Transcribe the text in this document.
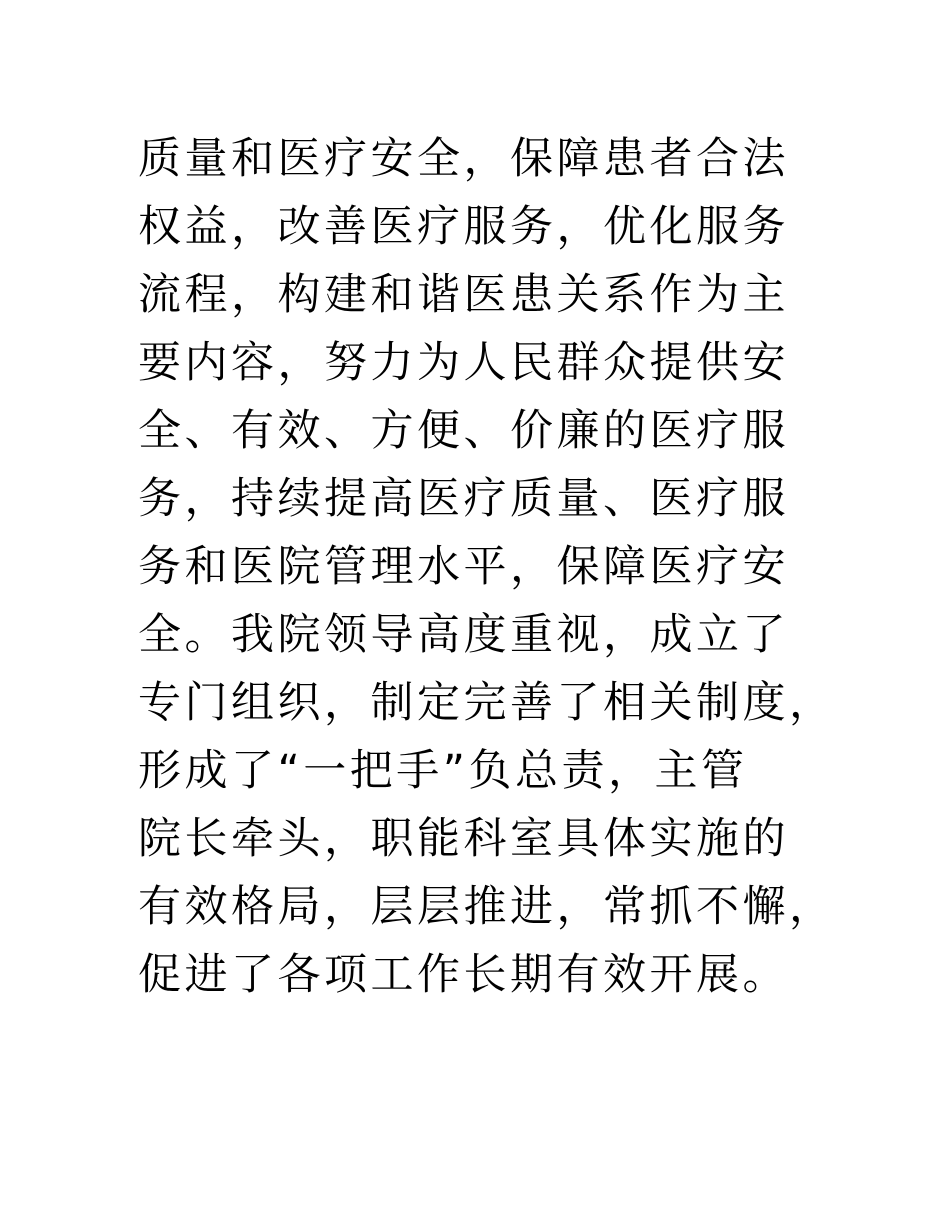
质量和医疗安全，保障患者合法
权益，改善医疗服务，优化服务
流程，构建和谐医患关系作为主
要内容，努力为人民群众提供安
全、有效、方便、价廉的医疗服
务，持续提高医疗质量、医疗服
务和医院管理水平，保障医疗安
全。我院领导高度重视，成立了
专门组织，制定完善了相关制度，
形成了“一把手”负总责，主管
院长牵头，职能科室具体实施的
有效格局，层层推进，常抓不懈，
促进了各项工作长期有效开展。
